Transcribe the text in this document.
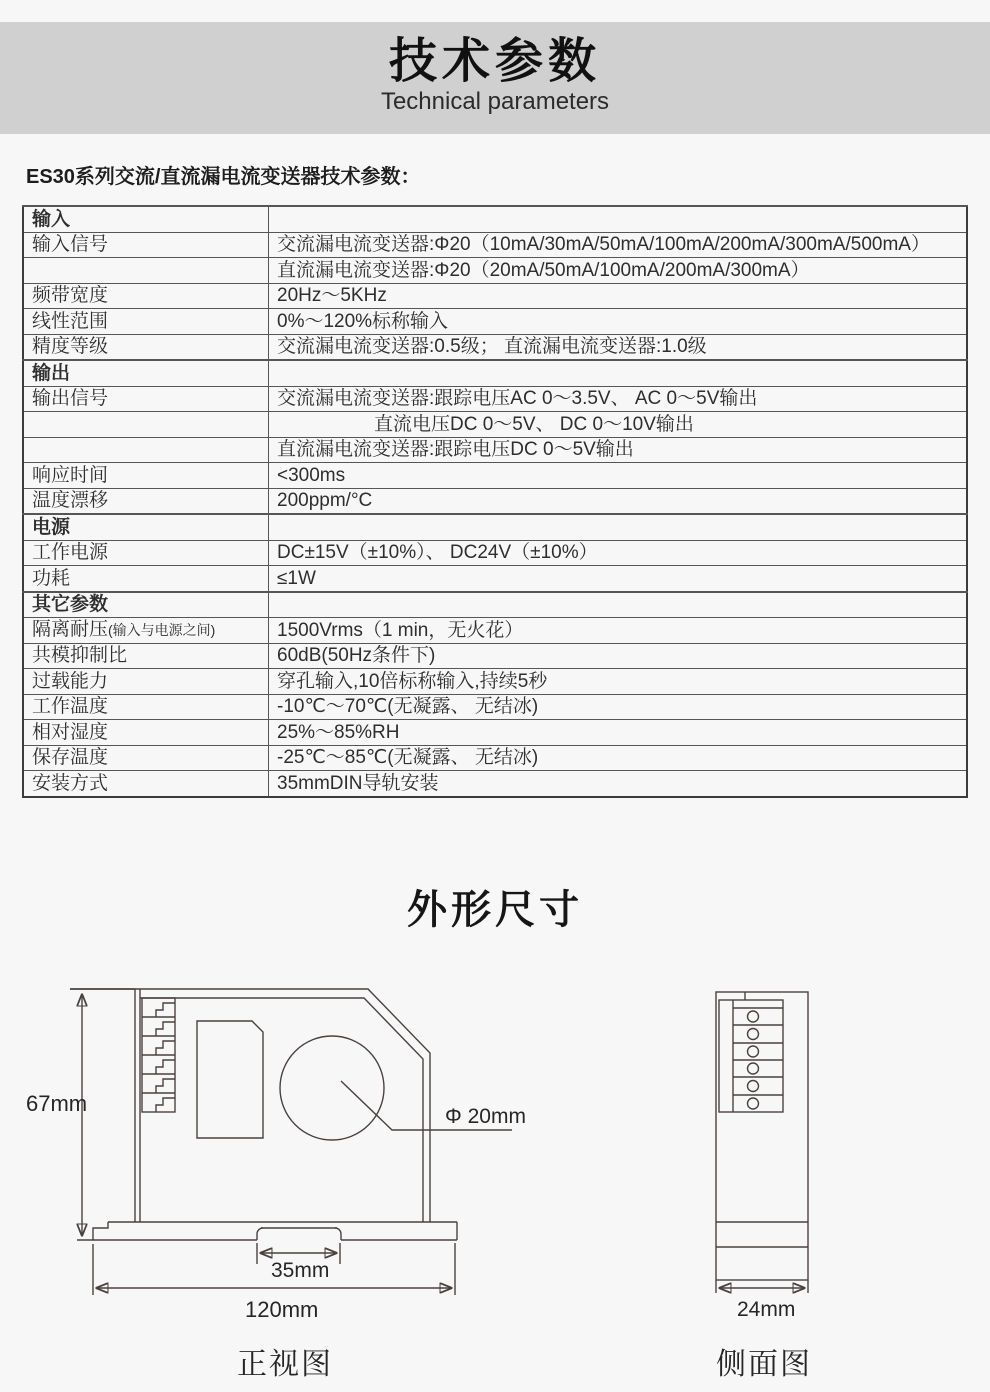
技术参数
Technical parameters
ES30系列交流/直流漏电流变送器技术参数：
输入	
输入信号	交流漏电流变送器:Φ20（10mA/30mA/50mA/100mA/200mA/300mA/500mA）
	直流漏电流变送器:Φ20（20mA/50mA/100mA/200mA/300mA）
频带宽度	20Hz～5KHz
线性范围	0%～120%标称输入
精度等级	交流漏电流变送器:0.5级； 直流漏电流变送器:1.0级
输出	
输出信号	交流漏电流变送器:跟踪电压AC 0～3.5V、 AC 0～5V输出
	直流电压DC 0～5V、 DC 0～10V输出
	直流漏电流变送器:跟踪电压DC 0～5V输出
响应时间	<300ms
温度漂移	200ppm/°C
电源	
工作电源	DC±15V（±10%）、 DC24V（±10%）
功耗	≤1W
其它参数	
隔离耐压(输入与电源之间)	1500Vrms（1 min，无火花）
共模抑制比	60dB(50Hz条件下)
过载能力	穿孔输入,10倍标称输入,持续5秒
工作温度	-10℃～70℃(无凝露、 无结冰)
相对湿度	25%～85%RH
保存温度	-25℃～85℃(无凝露、 无结冰)
安装方式	35mmDIN导轨安装
外形尺寸
67mm
Φ 20mm
35mm
120mm
正视图
24mm
侧面图
